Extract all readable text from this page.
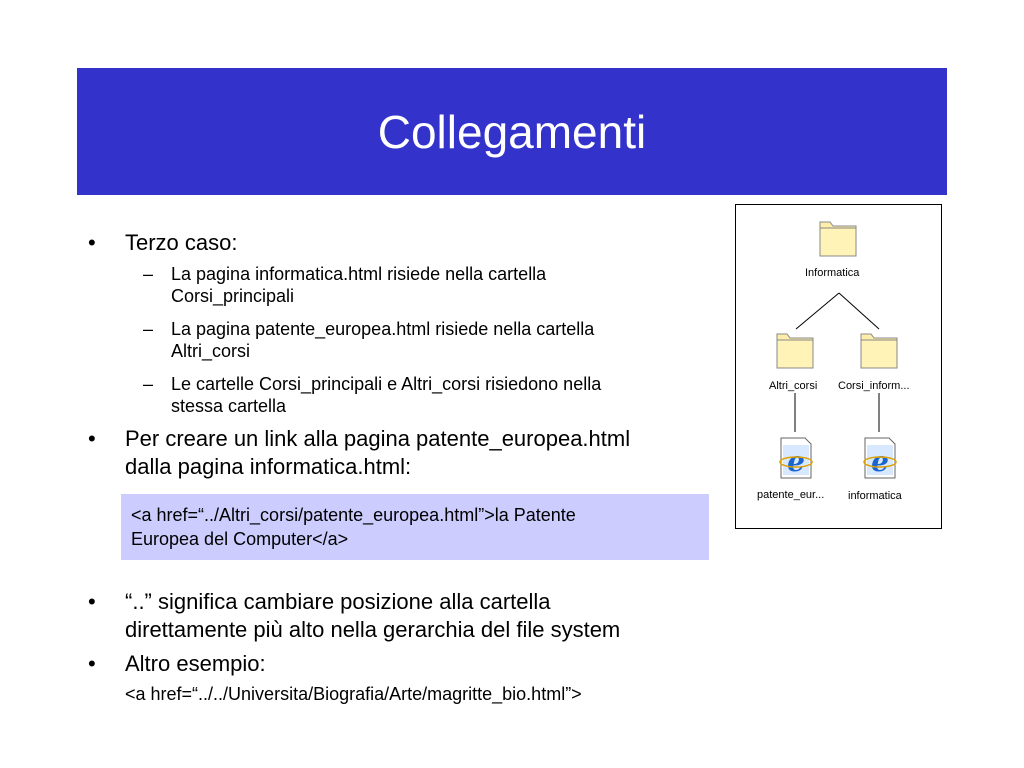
Collegamenti
• Terzo caso:
– La pagina informatica.html risiede nella cartella
Corsi_principali
– La pagina patente_europea.html risiede nella cartella
Altri_corsi
– Le cartelle Corsi_principali e Altri_corsi risiedono nella
stessa cartella
• Per creare un link alla pagina patente_europea.html
dalla pagina informatica.html:
<a href=“../Altri_corsi/patente_europea.html”>la Patente
Europea del Computer</a>
• “..” significa cambiare posizione alla cartella
direttamente più alto nella gerarchia del file system
• Altro esempio:
<a href=“../../Universita/Biografia/Arte/magritte_bio.html”>
e e
Informatica
Altri_corsi Corsi_inform...
patente_eur... informatica
